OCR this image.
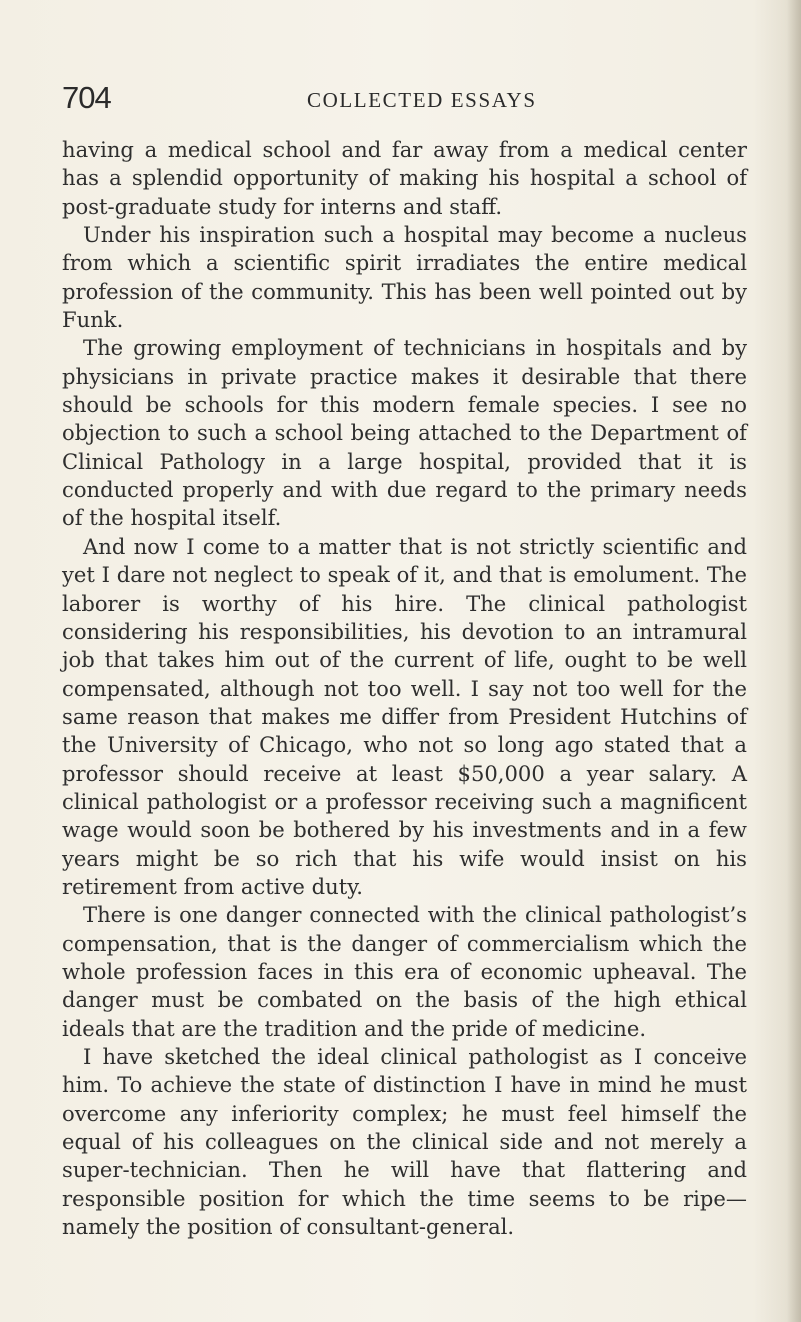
704	COLLECTED ESSAYS

having a medical school and far away from a medical center has a splendid opportunity of making his hospital a school of post-graduate study for interns and staff.

Under his inspiration such a hospital may become a nucleus from which a scientific spirit irradiates the entire medical profession of the community. This has been well pointed out by Funk.

The growing employment of technicians in hospitals and by physicians in private practice makes it desirable that there should be schools for this modern female species. I see no objection to such a school being attached to the Department of Clinical Pathology in a large hospital, provided that it is conducted properly and with due regard to the primary needs of the hospital itself.

And now I come to a matter that is not strictly scientific and yet I dare not neglect to speak of it, and that is emolument. The laborer is worthy of his hire. The clinical pathologist considering his responsibilities, his devotion to an intramural job that takes him out of the current of life, ought to be well compensated, although not too well. I say not too well for the same reason that makes me differ from President Hutchins of the University of Chicago, who not so long ago stated that a professor should receive at least $50,000 a year salary. A clinical pathologist or a professor receiving such a magnificent wage would soon be bothered by his investments and in a few years might be so rich that his wife would insist on his retirement from active duty.

There is one danger connected with the clinical pathologist’s compensation, that is the danger of commercialism which the whole profession faces in this era of economic upheaval. The danger must be combated on the basis of the high ethical ideals that are the tradition and the pride of medicine.

I have sketched the ideal clinical pathologist as I conceive him. To achieve the state of distinction I have in mind he must overcome any inferiority complex; he must feel himself the equal of his colleagues on the clinical side and not merely a super-technician. Then he will have that flattering and responsible position for which the time seems to be ripe—namely the position of consultant-general.
